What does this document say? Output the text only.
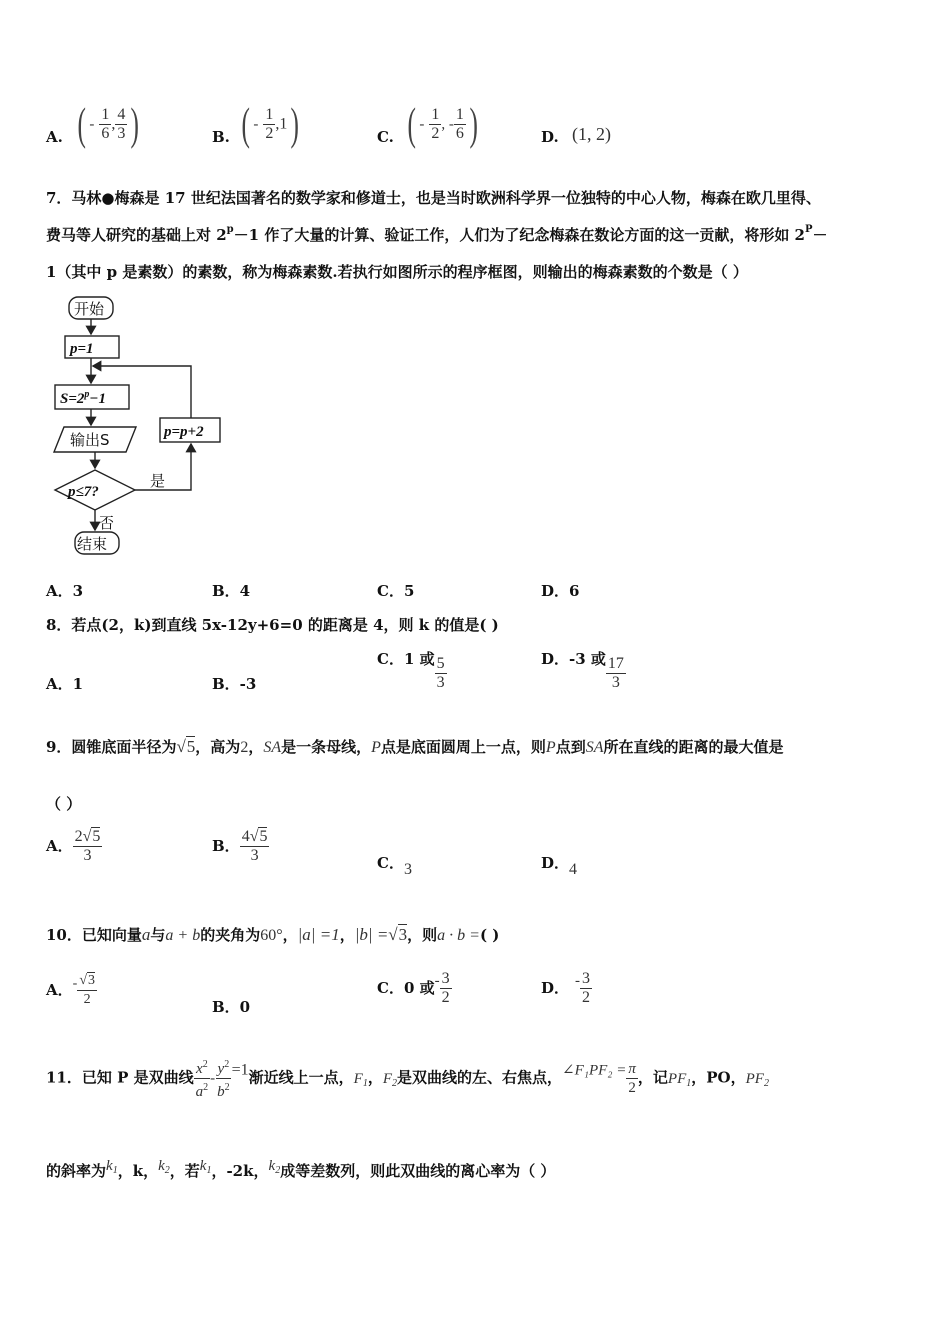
A. ( - $\frac{1}{6}$ , $\frac{4}{3}$ )	B. ( - $\frac{1}{2} ,1$)	C. ( - $\frac{1}{2}$ , - $\frac{1}{6}$ )	D. (1, 2)
7．马林●梅森是 17 世纪法国著名的数学家和修道士，也是当时欧洲科学界一位独特的中心人物，梅森在欧几里得、
费马等人研究的基础上对 $2^p-1$ 作了大量的计算、验证工作，人们为了纪念梅森在数论方面的这一贡献，将形如 $2^P-$
1（其中 p 是素数）的素数，称为梅森素数.若执行如图所示的程序框图，则输出的梅森素数的个数是（ ）
开始
p=1
$S=2^p-1$
输出S
p≤7?
是
否
p=p+2
结束
A．3	B．4	C．5	D．6
8．若点(2，k)到直线 5x-12y+6=0 的距离是 4，则 k 的值是( )
A．1	B．-3
C．1 或 $\frac{5}{3}$	D．-3 或 $\frac{17}{3}$
9．圆锥底面半径为√5，高为2，SA是一条母线，P点是底面圆周上一点，则P点到SA所在直线的距离的最大值是
（ ）
A． $\frac{2√5}{3}$	B． $\frac{4√5}{3}$	C．3	D．4
10．已知向量a与a + b的夹角为60°，|a| =1，|b| =√3，则a · b =( )
A．- $\frac{√3}{2}$	B．0
C．0 或- $\frac{3}{2}$	D． - $\frac{3}{2}$
11．已知 P 是双曲线 $\frac{x^2}{a^2} - \frac{y^2}{b^2} =1$渐近线上一点，$F_1$，$F_2$是双曲线的左、右焦点，∠F₁PF₂ = $\frac{\pi}{2}$ ，记$PF_1$，PO，$PF_2$
的斜率为$k_1$，k，$k_2$，若$k_1$，-2k，$k_2$成等差数列，则此双曲线的离心率为（ ）
